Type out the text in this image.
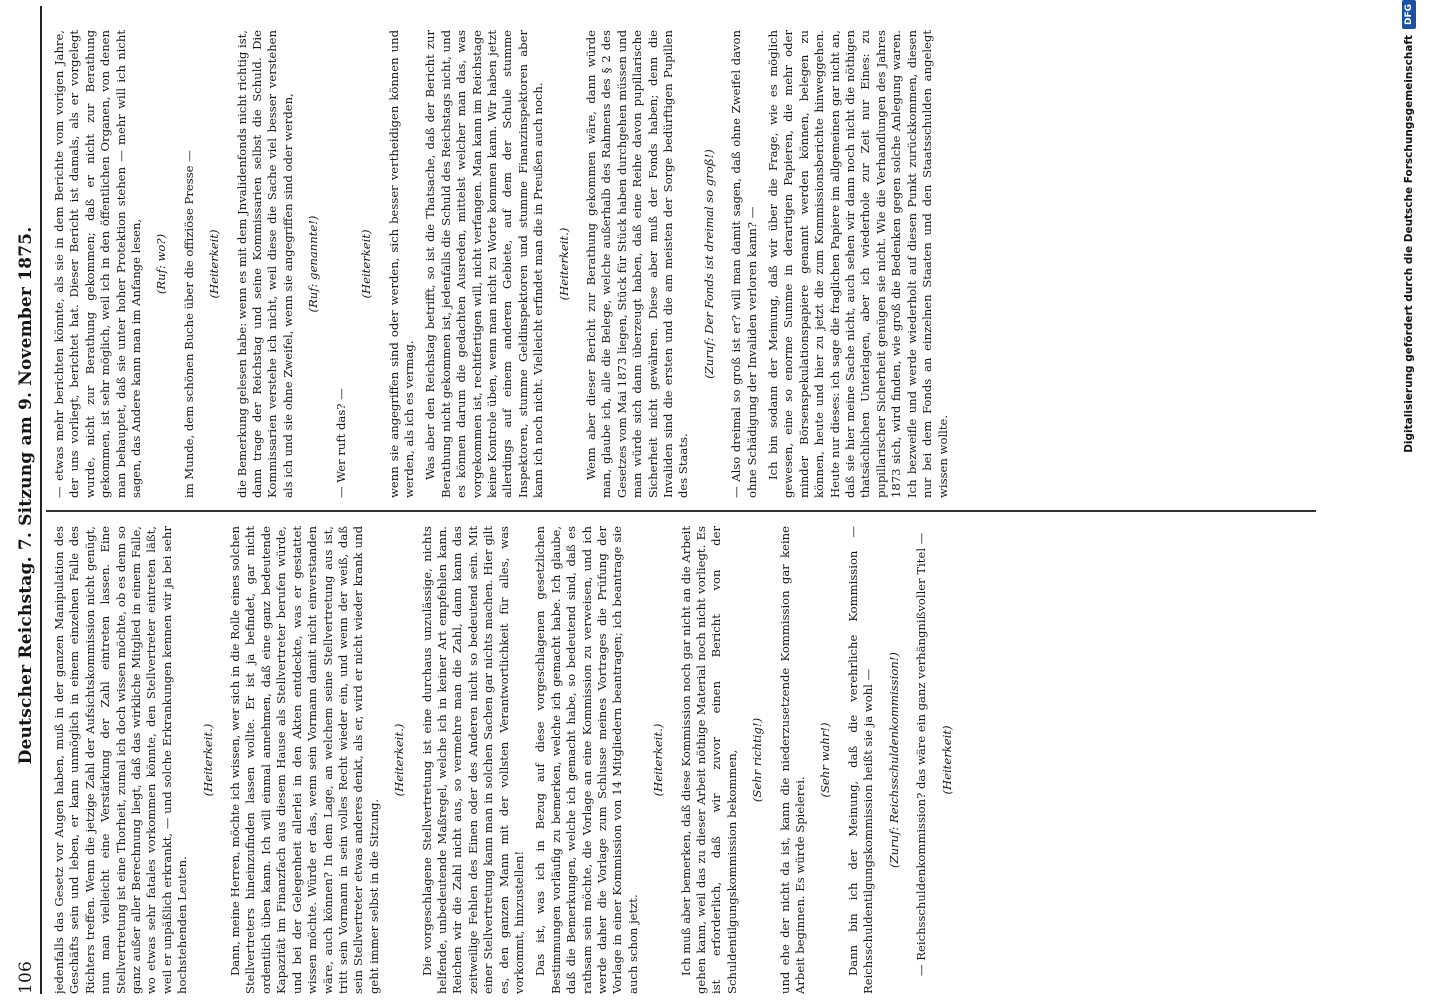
106
Deutscher Reichstag. 7. Sitzung am 9. November 1875. jedenfalls das Gesetz vor Augen haben, muß in der ganzen Manipulation des Geschäfts sein und leben, er kann unmöglich in einem einzelnen Falle des Richters treffen. Wenn die jetzige Zahl der Aufsichtskommission nicht genügt, nun man vielleicht eine Verstärkung der Zahl eintreten lassen. Eine Stellvertretung ist eine Thorheit, zumal ich doch wissen möchte, ob es denn so ganz außer aller Berechnung liegt, daß das wirkliche Mitglied in einem Falle, wo etwas sehr fatales vorkommen könnte, den Stellvertreter eintreten läßt, weil er unpäßlich erkrankt, — und solche Erkrankungen kennen wir ja bei sehr hochstehenden Leuten.

(Heiterkeit.) Dann, meine Herren, möchte ich wissen, wer sich in die Rolle eines solchen Stellvertreters hineinzufinden lassen wollte. Er ist ja befindet, gar nicht ordentlich üben kann. Ich will einmal annehmen, daß eine ganz bedeutende Kapazität im Finanzfach aus diesem Hause als Stellvertreter berufen würde, und bei der Gelegenheit allerlei in den Akten entdeckte, was er gestattet wissen möchte. Würde er das, wenn sein Vormann damit nicht einverstanden wäre, auch können? In dem Lage, an welchem seine Stellvertretung aus ist, tritt sein Vormann in sein volles Recht wieder ein, und wenn der weiß, daß sein Stellvertreter etwas anderes denkt, als er, wird er nicht wieder krank und geht immer selbst in die Sitzung.

(Heiterkeit.) Die vorgeschlagene Stellvertretung ist eine durchaus unzulässige, nichts helfende, unbedeutende Maßregel, welche ich in keiner Art empfehlen kann. Reichen wir die Zahl nicht aus, so vermehre man die Zahl, dann kann das zeitweilige Fehlen des Einen oder des Anderen nicht so bedeutend sein. Mit einer Stellvertretung kann man in solchen Sachen gar nichts machen. Hier gilt es, den ganzen Mann mit der vollsten Verantwortlichkeit für alles, was vorkommt, hinzustellen! Das ist, was ich in Bezug auf diese vorgeschlagenen gesetzlichen Bestimmungen vorläufig zu bemerken, welche ich gemacht habe. Ich glaube, daß die Bemerkungen, welche ich gemacht habe, so bedeutend sind, daß es rathsam sein möchte, die Vorlage an eine Kommission zu verweisen, und ich werde daher die Vorlage zum Schlusse meines Vortrages die Prüfung der Vorlage in einer Kommission von 14 Mitgliedern beantragen; ich beantrage sie auch schon jetzt.

(Heiterkeit.) Ich muß aber bemerken, daß diese Kommission noch gar nicht an die Arbeit gehen kann, weil das zu dieser Arbeit nöthige Material noch nicht vorliegt. Es ist erforderlich, daß wir zuvor einen Bericht von der Schuldentilgungskommission bekommen, (Sehr richtig!) und ehe der nicht da ist, kann die niederzusetzende Kommission gar keine Arbeit beginnen. Es würde Spielerei.

(Sehr wahr!) Dann bin ich der Meinung, daß die verehrliche Kommission — Reichsschuldentilgungskommission heißt sie ja wohl — (Zuruf: Reichsschuldenkommission!) — Reichsschuldenkommission? das wäre ein ganz verhängnißvoller Titel — (Heiterkeit)

— etwas mehr berichten könnte, als sie in dem Berichte vom vorigen Jahre, der uns vorliegt, berichtet hat. Dieser Bericht ist damals, als er vorgelegt wurde, nicht zur Berathung gekommen; daß er nicht zur Berathung gekommen, ist sehr möglich, weil ich in den öffentlichen Organen, von denen man behauptet, daß sie unter hoher Protektion stehen — mehr will ich nicht sagen, das Andere kann man im Anfange lesen, (Ruf: wo?) im Munde, dem schönen Buche über die offiziöse Presse — (Heiterkeit) die Bemerkung gelesen habe: wenn es mit dem Jnvalidenfonds nicht richtig ist, dann trage der Reichstag und seine Kommissarien selbst die Schuld. Die Kommissarien verstehe ich nicht, weil diese die Sache viel besser verstehen als ich und sie ohne Zweifel, wenn sie angegriffen sind oder werden, (Ruf: genannte!)

— Wer ruft das? —

(Heiterkeit) wenn sie angegriffen sind oder werden, sich besser vertheidigen können und werden, als ich es vermag. Was aber den Reichstag betrifft, so ist die Thatsache, daß der Bericht zur Berathung nicht gekommen ist, jedenfalls die Schuld des Reichstags nicht, und es können darum die gedachten Ausreden, mittelst welcher man das, was vorgekommen ist, rechtfertigen will, nicht verfangen. Man kann im Reichstage keine Kontrole üben, wenn man nicht zu Worte kommen kann. Wir haben jetzt allerdings auf einem anderen Gebiete, auf dem der Schule stumme Inspektoren, stumme Geldinspektoren und stumme Finanzinspektoren aber kann ich noch nicht. Vielleicht erfindet man die in Preußen auch noch. (Heiterkeit.) Wenn aber dieser Bericht zur Berathung gekommen wäre, dann würde man, glaube ich, alle die Belege, welche außerhalb des Rahmens des § 2 des Gesetzes vom Mai 1873 liegen, Stück für Stück haben durchgehen müssen und man würde sich dann überzeugt haben, daß eine Reihe davon pupillarische Sicherheit nicht gewähren. Diese aber muß der Fonds haben; denn die Invaliden sind die ersten und die am meisten der Sorge bedürftigen Pupillen des Staats.

(Zuruf: Der Fonds ist dreimal so groß!) — Also dreimal so groß ist er? will man damit sagen, daß ohne Zweifel davon ohne Schädigung der Invaliden verloren kann? — Ich bin sodann der Meinung, daß wir über die Frage, wie es möglich gewesen, eine so enorme Summe in derartigen Papieren, die mehr oder minder Börsenspekulationspapiere genannt werden können, belegen zu können, heute und hier zu jetzt die zum Kommissionsberichte hinweggehen. Heute nur dieses: ich sage die fraglichen Papiere im allgemeinen gar nicht an, daß sie hier meine Sache nicht, auch sehen wir dann noch nicht die nöthigen thatsächlichen Unterlagen, aber ich wiederhole zur Zeit nur Eines: zu pupillarischer Sicherheit genügen sie nicht. Wie die Verhandlungen des Jahres 1873 sich, wird finden, wie groß die Bedenken gegen solche Anlegung waren. Ich bezweifle und werde wiederholt auf diesen Punkt zurückkommen, diesen nur bei dem Fonds an einzelnen Staaten und den Staatsschulden angelegt wissen wollte.

Digitalisierung gefördert durch die Deutsche Forschungsgemeinschaft
DFG
